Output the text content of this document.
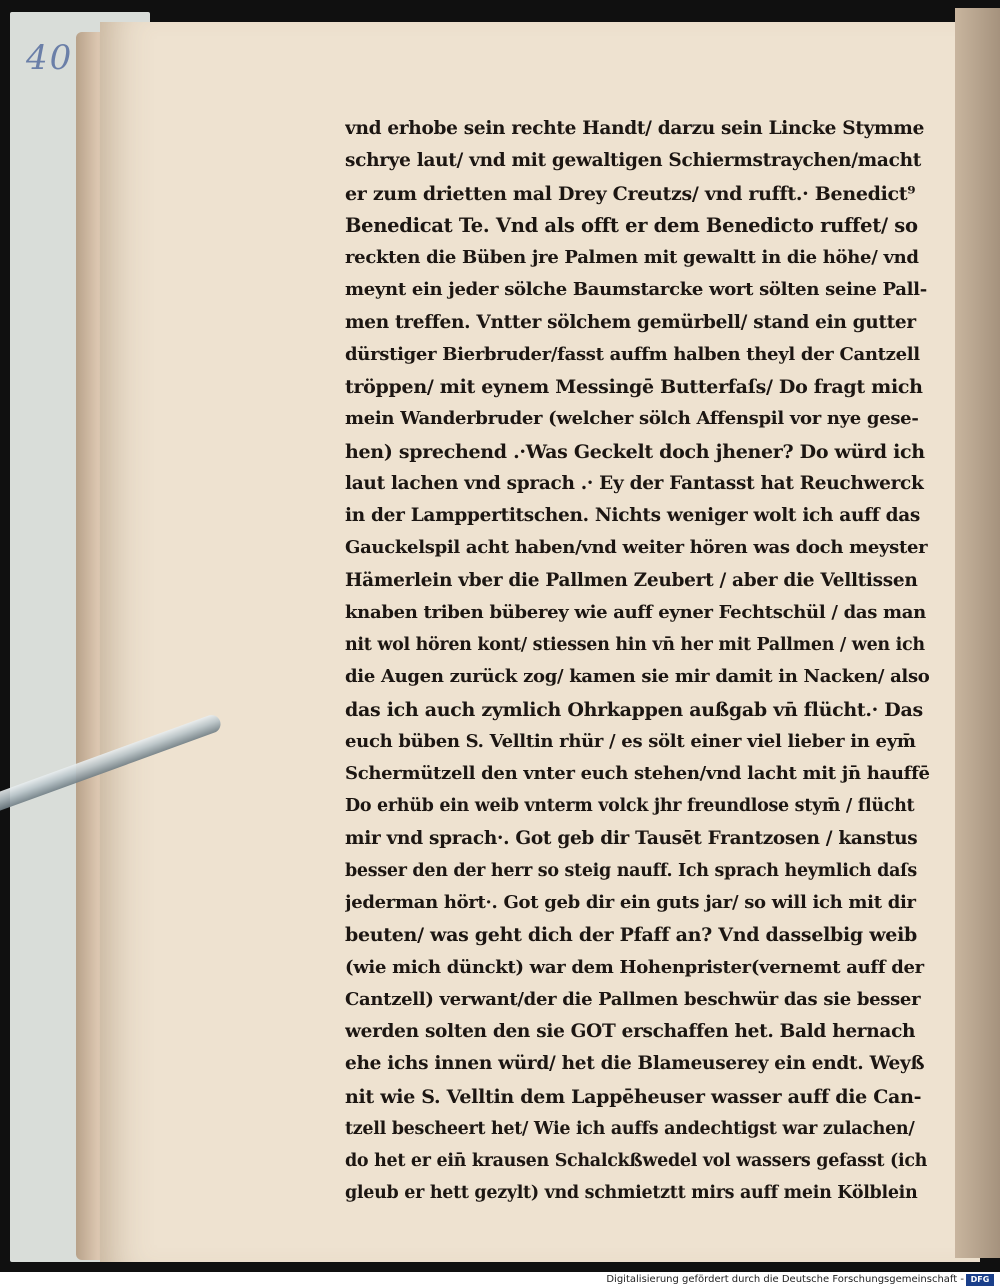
40
vnd erhobe sein rechte Handt/ darzu sein Lincke Stymme
schrye laut/ vnd mit gewaltigen Schiermstraychen/macht
er zum drietten mal Drey Creutzs/ vnd rufft.· Benedict⁹
Benedicat Te. Vnd als offt er dem Benedicto ruffet/ so
reckten die Büben jre Palmen mit gewaltt in die höhe/ vnd
meynt ein jeder sölche Baumstarcke wort sölten seine Pall-
men treffen. Vntter sölchem gemürbell/ stand ein gutter
dürstiger Bierbruder/fasst auffm halben theyl der Cantzell
tröppen/ mit eynem Messingē Butterfaſs/ Do fragt mich
mein Wanderbruder (welcher sölch Affenspil vor nye gese-
hen) sprechend .·Was Geckelt doch jhener? Do würd ich
laut lachen vnd sprach .· Ey der Fantasst hat Reuchwerck
in der Lamppertitschen. Nichts weniger wolt ich auff das
Gauckelspil acht haben/vnd weiter hören was doch meyster
Hämerlein vber die Pallmen Zeubert / aber die Velltissen
knaben triben büberey wie auff eyner Fechtschül / das man
nit wol hören kont/ stiessen hin vn̄ her mit Pallmen / wen ich
die Augen zurück zog/ kamen sie mir damit in Nacken/ also
das ich auch zymlich Ohrkappen außgab vn̄ flücht.· Das
euch büben S. Velltin rhür / es sölt einer viel lieber in eym̄
Schermützell den vnter euch stehen/vnd lacht mit jn̄ hauffē
Do erhüb ein weib vnterm volck jhr freundlose stym̄ / flücht
mir vnd sprach·. Got geb dir Tausēt Frantzosen / kanstus
besser den der herr so steig nauff. Ich sprach heymlich daſs
jederman hört·. Got geb dir ein guts jar/ so will ich mit dir
beuten/ was geht dich der Pfaff an? Vnd dasselbig weib
(wie mich dünckt) war dem Hohenprister(vernemt auff der
Cantzell) verwant/der die Pallmen beschwür das sie besser
werden solten den sie GOT erschaffen het. Bald hernach
ehe ichs innen würd/ het die Blameuserey ein endt. Weyß
nit wie S. Velltin dem Lappēheuser wasser auff die Can-
tzell bescheert het/ Wie ich auffs andechtigst war zulachen/
do het er ein̄ krausen Schalckßwedel vol wassers gefasst (ich
gleub er hett gezylt) vnd schmietztt mirs auff mein Kölblein
Digitalisierung gefördert durch die Deutsche Forschungsgemeinschaft - DFG
